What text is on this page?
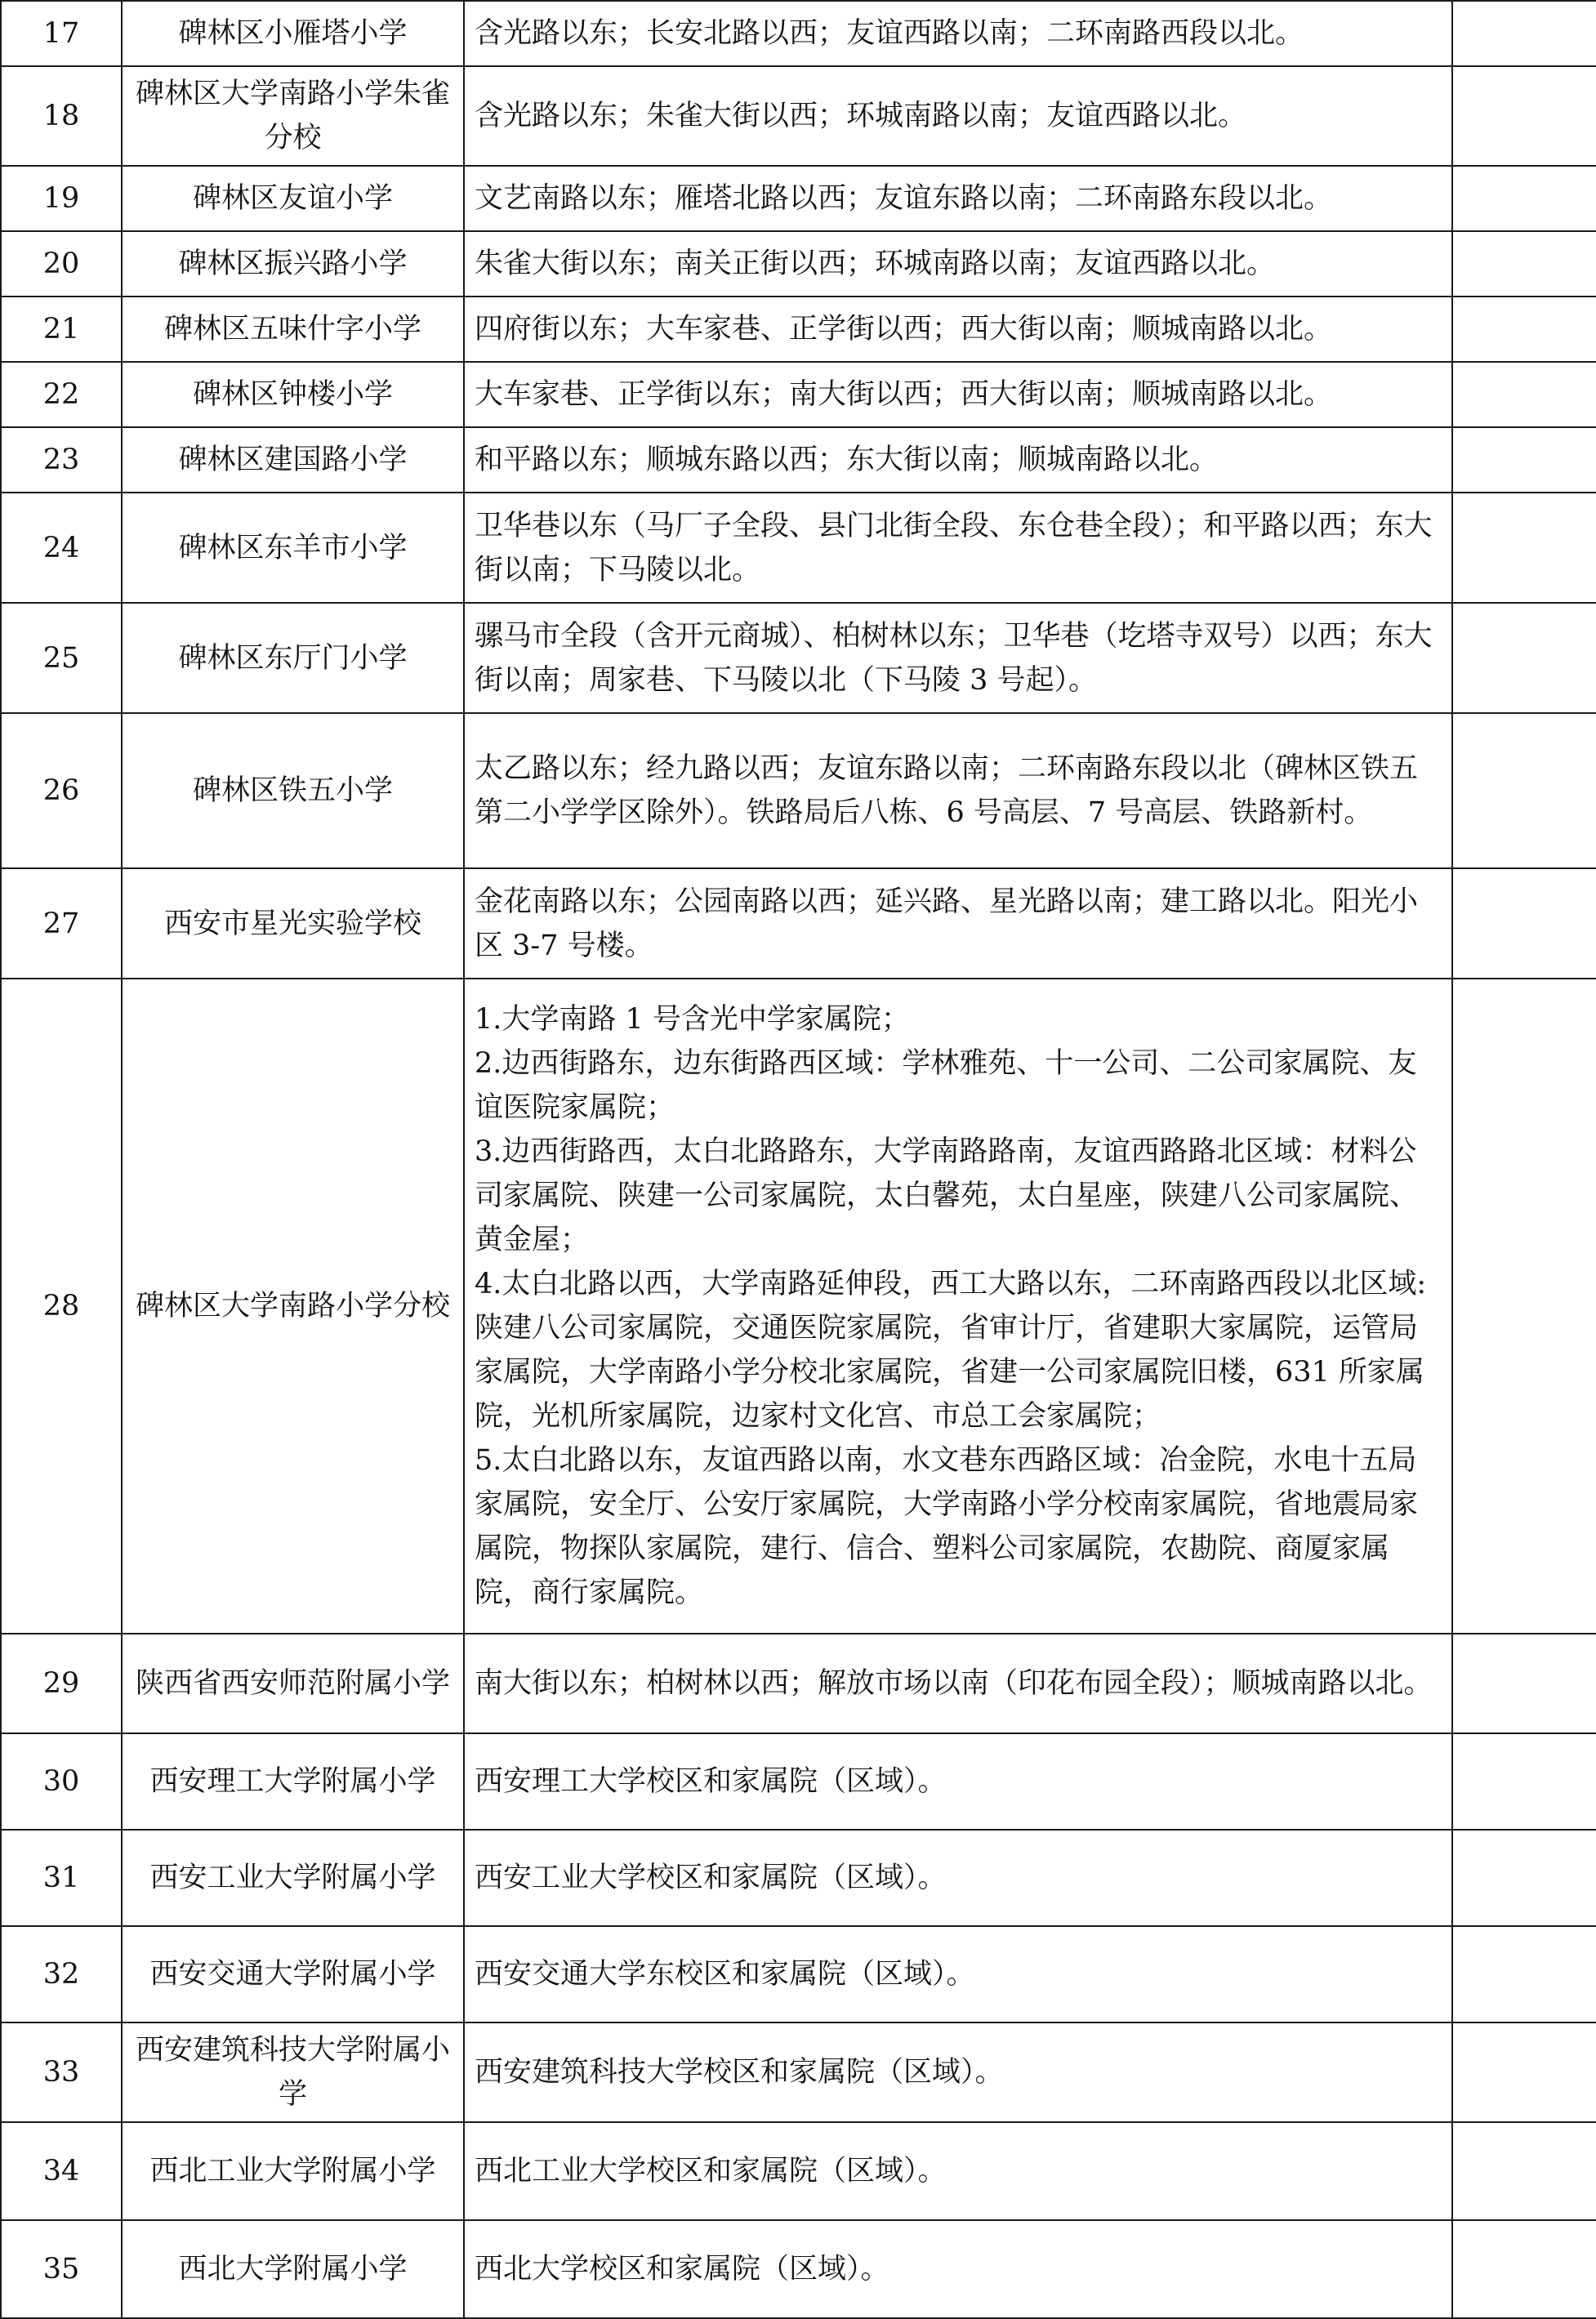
17	碑林区小雁塔小学	含光路以东；长安北路以西；友谊西路以南；二环南路西段以北。	

18	碑林区大学南路小学朱雀分校	含光路以东；朱雀大街以西；环城南路以南；友谊西路以北。	

19	碑林区友谊小学	文艺南路以东；雁塔北路以西；友谊东路以南；二环南路东段以北。	

20	碑林区振兴路小学	朱雀大街以东；南关正街以西；环城南路以南；友谊西路以北。	

21	碑林区五味什字小学	四府街以东；大车家巷、正学街以西；西大街以南；顺城南路以北。	

22	碑林区钟楼小学	大车家巷、正学街以东；南大街以西；西大街以南；顺城南路以北。	

23	碑林区建国路小学	和平路以东；顺城东路以西；东大街以南；顺城南路以北。	

24	碑林区东羊市小学	卫华巷以东（马厂子全段、县门北街全段、东仓巷全段）；和平路以西；东大街以南；下马陵以北。	

25	碑林区东厅门小学	骡马市全段（含开元商城）、柏树林以东；卫华巷（圪塔寺双号）以西；东大街以南；周家巷、下马陵以北（下马陵 3 号起）。	

26	碑林区铁五小学	太乙路以东；经九路以西；友谊东路以南；二环南路东段以北（碑林区铁五第二小学学区除外）。铁路局后八栋、6 号高层、7 号高层、铁路新村。	

27	西安市星光实验学校	金花南路以东；公园南路以西；延兴路、星光路以南；建工路以北。阳光小区 3-7 号楼。	

28	碑林区大学南路小学分校	1.大学南路 1 号含光中学家属院；
2.边西街路东，边东街路西区域：学林雅苑、十一公司、二公司家属院、友谊医院家属院；
3.边西街路西，太白北路路东，大学南路路南，友谊西路路北区域：材料公司家属院、陕建一公司家属院，太白馨苑，太白星座，陕建八公司家属院、黄金屋；
4.太白北路以西，大学南路延伸段，西工大路以东，二环南路西段以北区域:陕建八公司家属院，交通医院家属院，省审计厅，省建职大家属院，运管局家属院，大学南路小学分校北家属院，省建一公司家属院旧楼，631 所家属院，光机所家属院，边家村文化宫、市总工会家属院；
5.太白北路以东，友谊西路以南，水文巷东西路区域：冶金院，水电十五局家属院，安全厅、公安厅家属院，大学南路小学分校南家属院，省地震局家属院，物探队家属院，建行、信合、塑料公司家属院，农勘院、商厦家属院，商行家属院。	

29	陕西省西安师范附属小学	南大街以东；柏树林以西；解放市场以南（印花布园全段）；顺城南路以北。	

30	西安理工大学附属小学	西安理工大学校区和家属院（区域）。	

31	西安工业大学附属小学	西安工业大学校区和家属院（区域）。	

32	西安交通大学附属小学	西安交通大学东校区和家属院（区域）。	

33	西安建筑科技大学附属小学	西安建筑科技大学校区和家属院（区域）。	

34	西北工业大学附属小学	西北工业大学校区和家属院（区域）。	

35	西北大学附属小学	西北大学校区和家属院（区域）。	
